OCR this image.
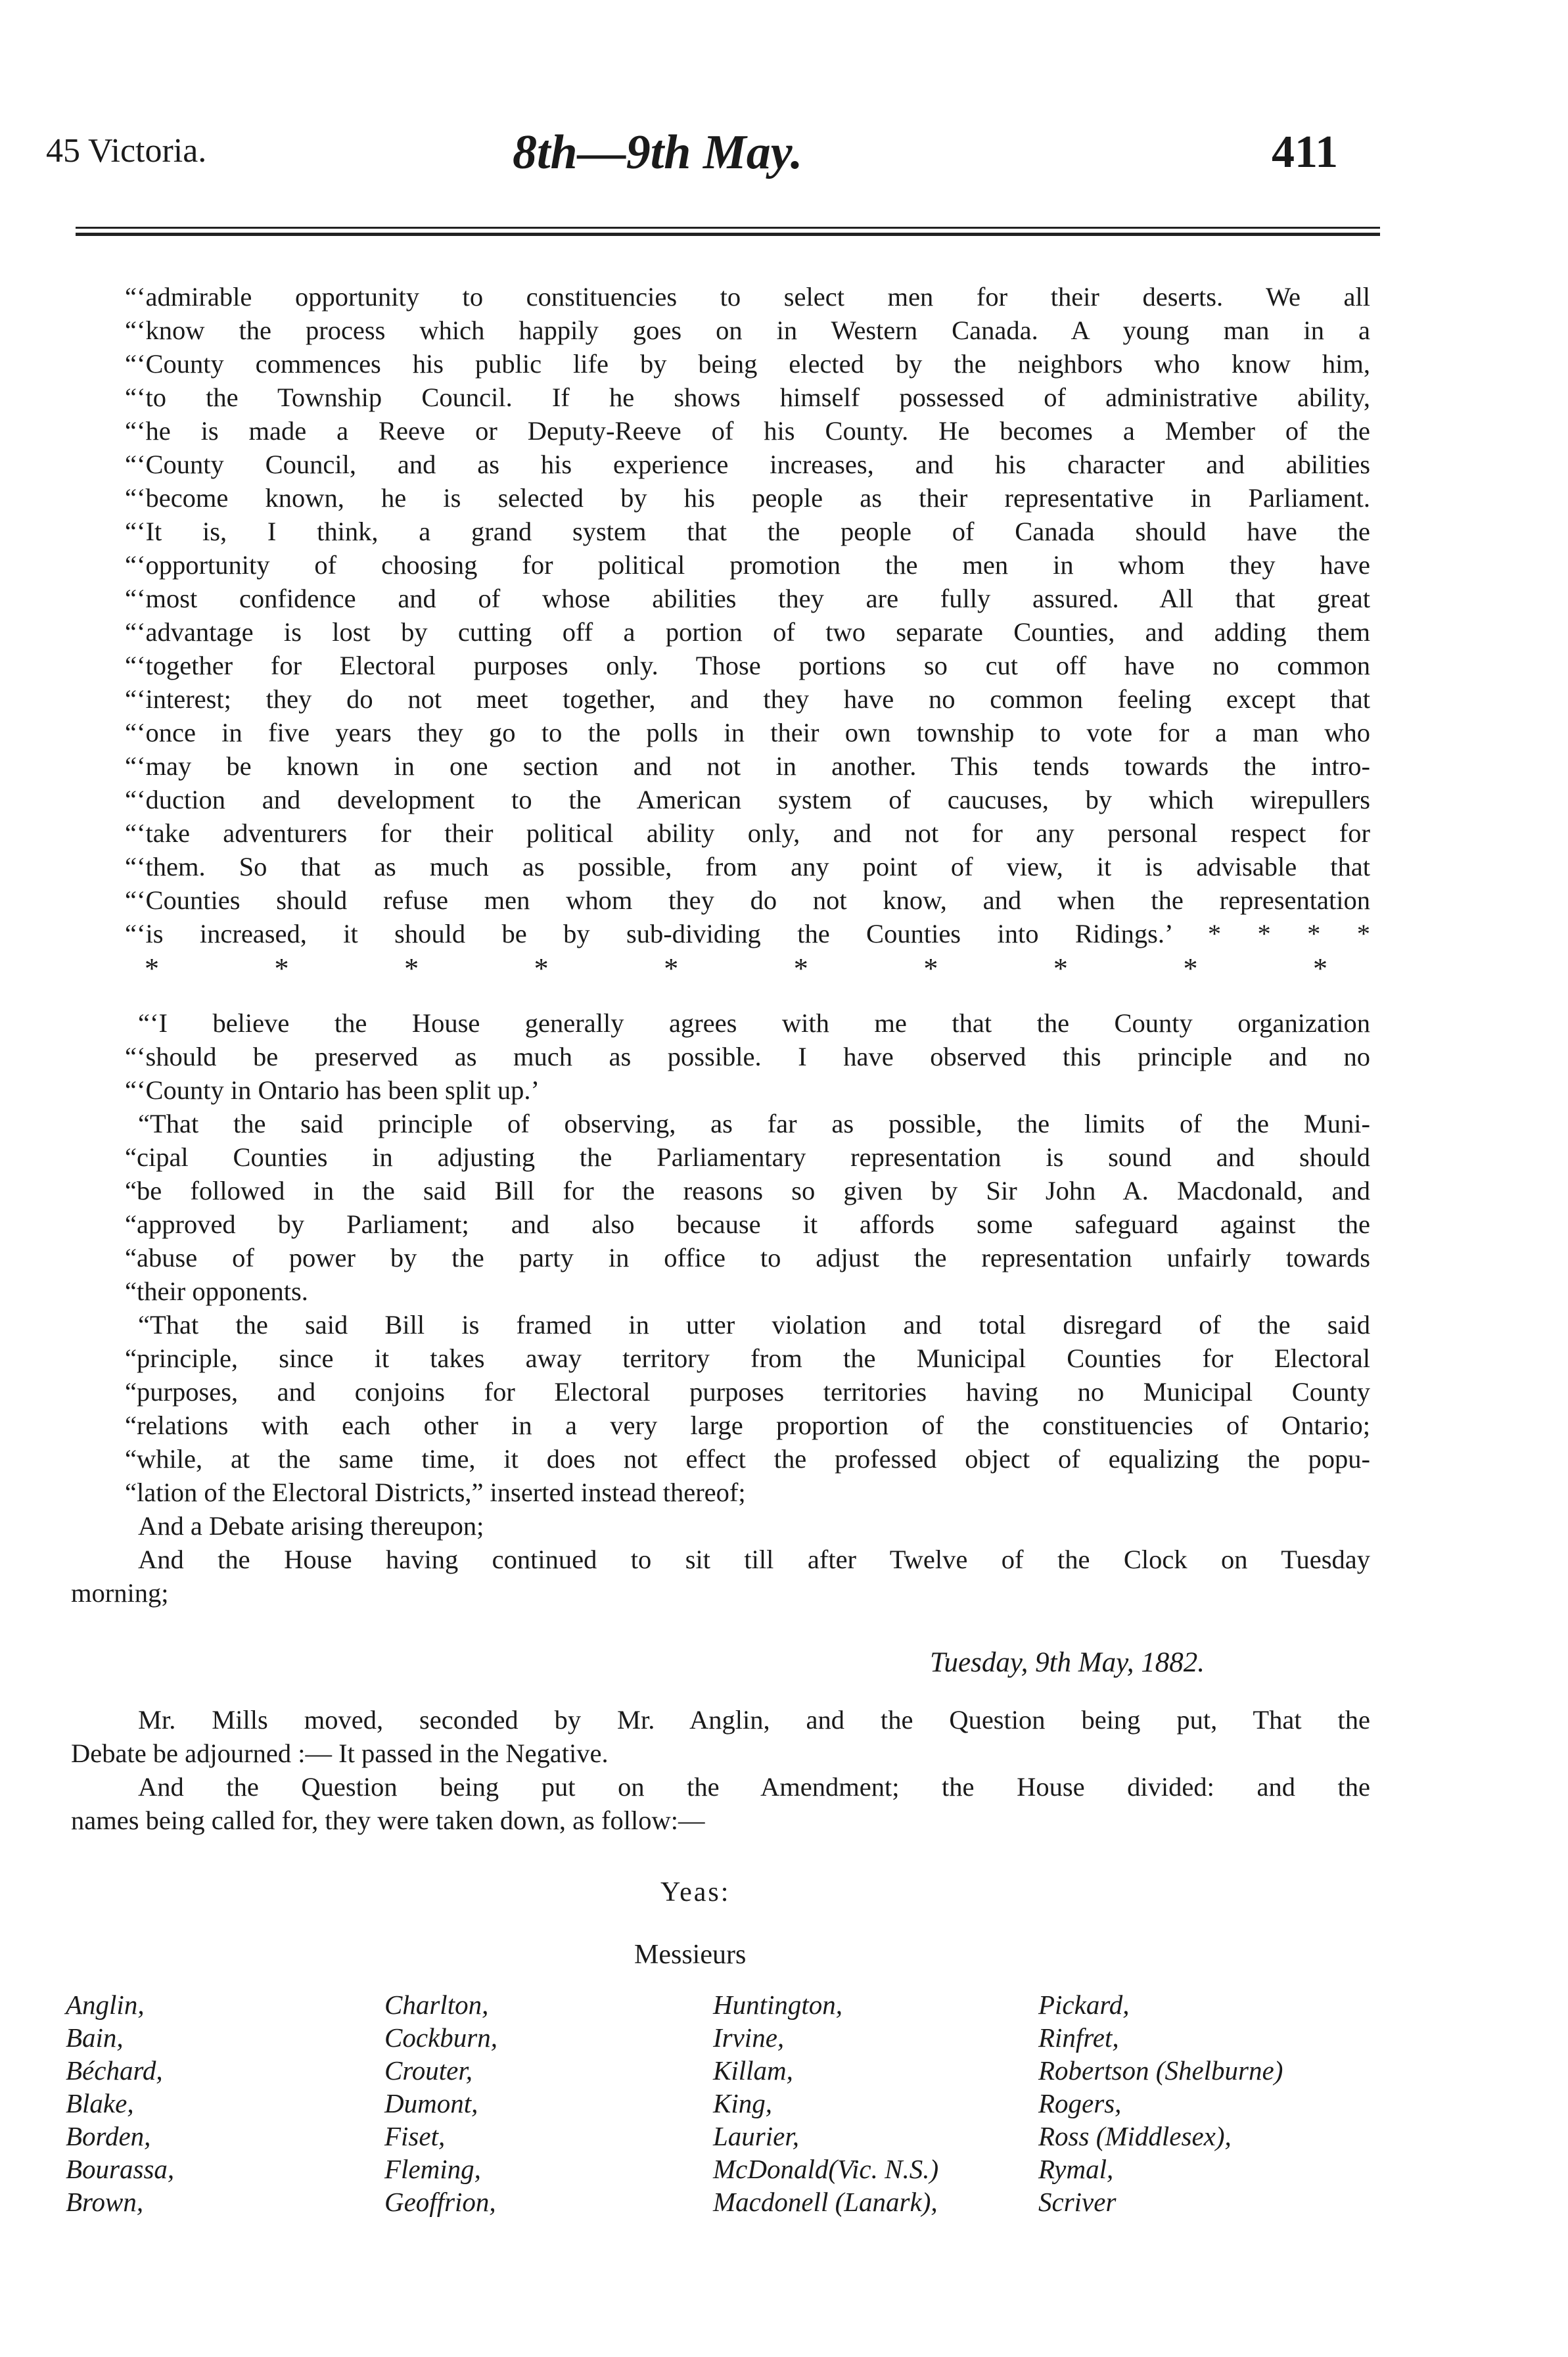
45 Victoria.	8th—9th May.	411
“‘admirable opportunity to constituencies to select men for their deserts. We all
“‘know the process which happily goes on in Western Canada. A young man in a
“‘County commences his public life by being elected by the neighbors who know him,
“‘to the Township Council. If he shows himself possessed of administrative ability,
“‘he is made a Reeve or Deputy-Reeve of his County. He becomes a Member of the
“‘County Council, and as his experience increases, and his character and abilities
“‘become known, he is selected by his people as their representative in Parliament.
“‘It is, I think, a grand system that the people of Canada should have the
“‘opportunity of choosing for political promotion the men in whom they have
“‘most confidence and of whose abilities they are fully assured. All that great
“‘advantage is lost by cutting off a portion of two separate Counties, and adding them
“‘together for Electoral purposes only. Those portions so cut off have no common
“‘interest; they do not meet together, and they have no common feeling except that
“‘once in five years they go to the polls in their own township to vote for a man who
“‘may be known in one section and not in another. This tends towards the intro-
“‘duction and development to the American system of caucuses, by which wirepullers
“‘take adventurers for their political ability only, and not for any personal respect for
“‘them. So that as much as possible, from any point of view, it is advisable that
“‘Counties should refuse men whom they do not know, and when the representation
“‘is increased, it should be by sub-dividing the Counties into Ridings.’ * * * *
* * * * * * * * * *
“‘I believe the House generally agrees with me that the County organization
“‘should be preserved as much as possible. I have observed this principle and no
“‘County in Ontario has been split up.’
“That the said principle of observing, as far as possible, the limits of the Muni-
“cipal Counties in adjusting the Parliamentary representation is sound and should
“be followed in the said Bill for the reasons so given by Sir John A. Macdonald, and
“approved by Parliament; and also because it affords some safeguard against the
“abuse of power by the party in office to adjust the representation unfairly towards
“their opponents.
“That the said Bill is framed in utter violation and total disregard of the said
“principle, since it takes away territory from the Municipal Counties for Electoral
“purposes, and conjoins for Electoral purposes territories having no Municipal County
“relations with each other in a very large proportion of the constituencies of Ontario;
“while, at the same time, it does not effect the professed object of equalizing the popu-
“lation of the Electoral Districts,” inserted instead thereof;
And a Debate arising thereupon;
And the House having continued to sit till after Twelve of the Clock on Tuesday
morning;
Tuesday, 9th May, 1882.
Mr. Mills moved, seconded by Mr. Anglin, and the Question being put, That the
Debate be adjourned :— It passed in the Negative.
And the Question being put on the Amendment; the House divided: and the
names being called for, they were taken down, as follow:—
Yeas:
Messieurs
Anglin,
Bain,
Béchard,
Blake,
Borden,
Bourassa,
Brown,
Charlton,
Cockburn,
Crouter,
Dumont,
Fiset,
Fleming,
Geoffrion,
Huntington,
Irvine,
Killam,
King,
Laurier,
McDonald(Vic. N.S.)
Macdonell (Lanark),
Pickard,
Rinfret,
Robertson (Shelburne)
Rogers,
Ross (Middlesex),
Rymal,
Scriver
